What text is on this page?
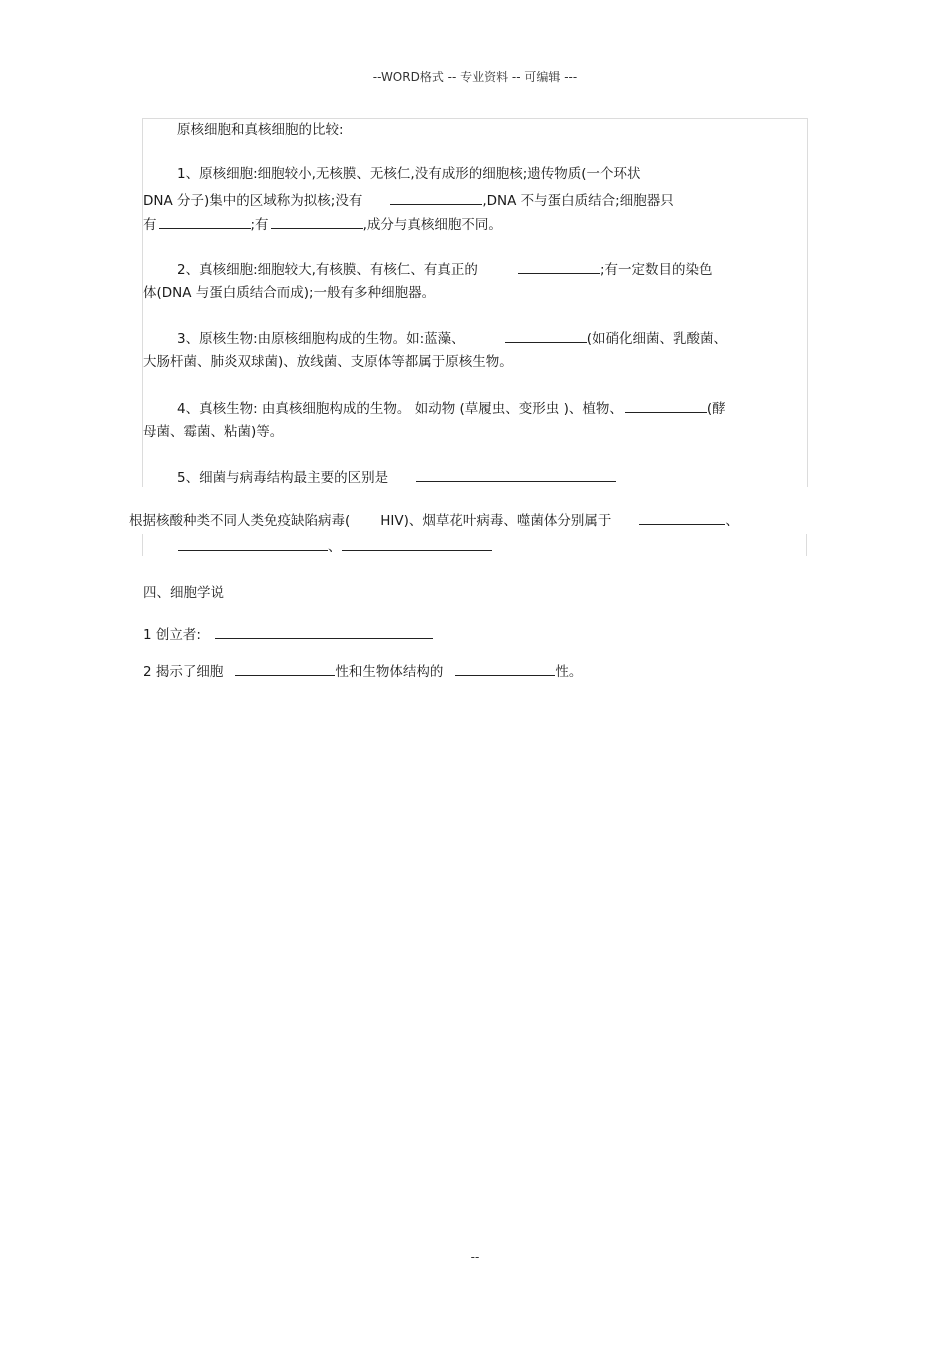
--WORD格式 -- 专业资料 -- 可编辑 ---
原核细胞和真核细胞的比较:
1、原核细胞:细胞较小,无核膜、无核仁,没有成形的细胞核;遗传物质(一个环状
DNA 分子)集中的区域称为拟核;没有	,DNA 不与蛋白质结合;细胞器只
有	;有	,成分与真核细胞不同。
2、真核细胞:细胞较大,有核膜、有核仁、有真正的	;有一定数目的染色
体(DNA 与蛋白质结合而成);一般有多种细胞器。
3、原核生物:由原核细胞构成的生物。如:蓝藻、	(如硝化细菌、乳酸菌、
大肠杆菌、肺炎双球菌)、放线菌、支原体等都属于原核生物。
4、真核生物: 由真核细胞构成的生物。 如动物 (草履虫、变形虫 )、植物、	(酵
母菌、霉菌、粘菌)等。
5、细菌与病毒结构最主要的区别是
根据核酸种类不同人类免疫缺陷病毒( HIV)、烟草花叶病毒、噬菌体分别属于	、
、
四、细胞学说
1 创立者:
2 揭示了细胞	性和生物体结构的	性。
--
